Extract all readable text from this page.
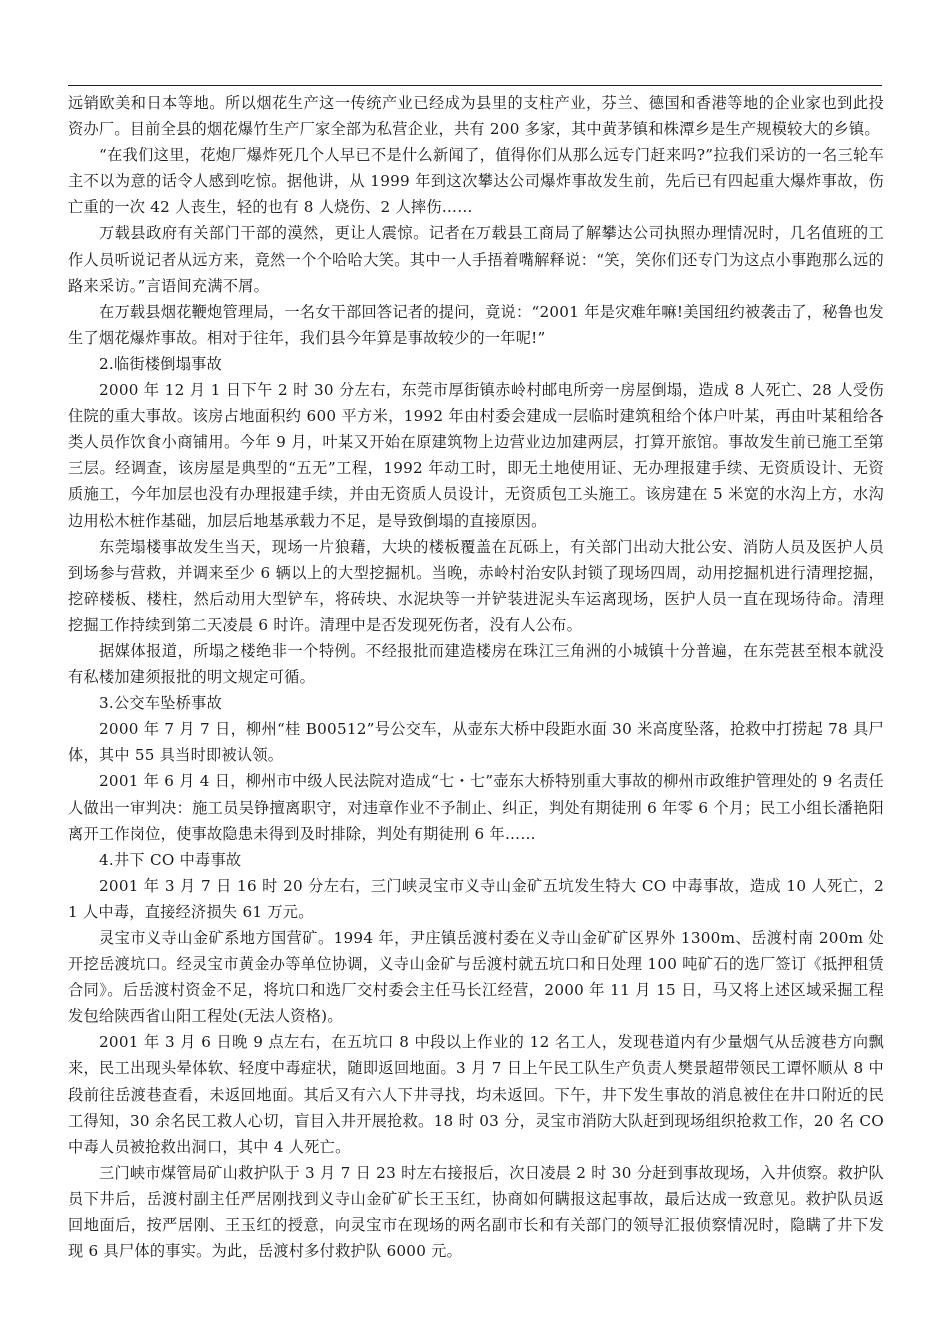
远销欧美和日本等地。所以烟花生产这一传统产业已经成为县里的支柱产业，芬兰、德国和香港等地的企业家也到此投资办厂。目前全县的烟花爆竹生产厂家全部为私营企业，共有 200 多家，其中黄茅镇和株潭乡是生产规模较大的乡镇。

“在我们这里，花炮厂爆炸死几个人早已不是什么新闻了，值得你们从那么远专门赶来吗?”拉我们采访的一名三轮车主不以为意的话令人感到吃惊。据他讲，从 1999 年到这次攀达公司爆炸事故发生前，先后已有四起重大爆炸事故，伤亡重的一次 42 人丧生，轻的也有 8 人烧伤、2 人摔伤……

万载县政府有关部门干部的漠然，更让人震惊。记者在万载县工商局了解攀达公司执照办理情况时，几名值班的工作人员听说记者从远方来，竟然一个个哈哈大笑。其中一人手捂着嘴解释说：“笑，笑你们还专门为这点小事跑那么远的路来采访。”言语间充满不屑。

在万载县烟花鞭炮管理局，一名女干部回答记者的提问，竟说：“2001 年是灾难年嘛!美国纽约被袭击了，秘鲁也发生了烟花爆炸事故。相对于往年，我们县今年算是事故较少的一年呢!”

2.临街楼倒塌事故

2000 年 12 月 1 日下午 2 时 30 分左右，东莞市厚街镇赤岭村邮电所旁一房屋倒塌，造成 8 人死亡、28 人受伤住院的重大事故。该房占地面积约 600 平方米，1992 年由村委会建成一层临时建筑租给个体户叶某，再由叶某租给各类人员作饮食小商铺用。今年 9 月，叶某又开始在原建筑物上边营业边加建两层，打算开旅馆。事故发生前已施工至第三层。经调查，该房屋是典型的“五无”工程，1992 年动工时，即无土地使用证、无办理报建手续、无资质设计、无资质施工，今年加层也没有办理报建手续，并由无资质人员设计，无资质包工头施工。该房建在 5 米宽的水沟上方，水沟边用松木桩作基础，加层后地基承载力不足，是导致倒塌的直接原因。

东莞塌楼事故发生当天，现场一片狼藉，大块的楼板覆盖在瓦砾上，有关部门出动大批公安、消防人员及医护人员到场参与营救，并调来至少 6 辆以上的大型挖掘机。当晚，赤岭村治安队封锁了现场四周，动用挖掘机进行清理挖掘，挖碎楼板、楼柱，然后动用大型铲车，将砖块、水泥块等一并铲装进泥头车运离现场，医护人员一直在现场待命。清理挖掘工作持续到第二天凌晨 6 时许。清理中是否发现死伤者，没有人公布。

据媒体报道，所塌之楼绝非一个特例。不经报批而建造楼房在珠江三角洲的小城镇十分普遍，在东莞甚至根本就没有私楼加建须报批的明文规定可循。

3.公交车坠桥事故

2000 年 7 月 7 日，柳州“桂 B00512”号公交车，从壶东大桥中段距水面 30 米高度坠落，抢救中打捞起 78 具尸体，其中 55 具当时即被认领。

2001 年 6 月 4 日，柳州市中级人民法院对造成“七・七”壶东大桥特别重大事故的柳州市政维护管理处的 9 名责任人做出一审判决：施工员吴铮擅离职守，对违章作业不予制止、纠正，判处有期徒刑 6 年零 6 个月；民工小组长潘艳阳离开工作岗位，使事故隐患未得到及时排除，判处有期徒刑 6 年……

4.井下 CO 中毒事故

2001 年 3 月 7 日 16 时 20 分左右，三门峡灵宝市义寺山金矿五坑发生特大 CO 中毒事故，造成 10 人死亡，21 人中毒，直接经济损失 61 万元。

灵宝市义寺山金矿系地方国营矿。1994 年，尹庄镇岳渡村委在义寺山金矿矿区界外 1300m、岳渡村南 200m 处开挖岳渡坑口。经灵宝市黄金办等单位协调，义寺山金矿与岳渡村就五坑口和日处理 100 吨矿石的选厂签订《抵押租赁合同》。后岳渡村资金不足，将坑口和选厂交村委会主任马长江经营，2000 年 11 月 15 日，马又将上述区域采掘工程发包给陕西省山阳工程处(无法人资格)。

2001 年 3 月 6 日晚 9 点左右，在五坑口 8 中段以上作业的 12 名工人，发现巷道内有少量烟气从岳渡巷方向飘来，民工出现头晕体软、轻度中毒症状，随即返回地面。3 月 7 日上午民工队生产负责人樊景超带领民工谭怀顺从 8 中段前往岳渡巷查看，未返回地面。其后又有六人下井寻找，均未返回。下午，井下发生事故的消息被住在井口附近的民工得知，30 余名民工救人心切，盲目入井开展抢救。18 时 03 分，灵宝市消防大队赶到现场组织抢救工作，20 名 CO 中毒人员被抢救出洞口，其中 4 人死亡。

三门峡市煤管局矿山救护队于 3 月 7 日 23 时左右接报后，次日凌晨 2 时 30 分赶到事故现场，入井侦察。救护队员下井后，岳渡村副主任严居刚找到义寺山金矿矿长王玉红，协商如何瞒报这起事故，最后达成一致意见。救护队员返回地面后，按严居刚、王玉红的授意，向灵宝市在现场的两名副市长和有关部门的领导汇报侦察情况时，隐瞒了井下发现 6 具尸体的事实。为此，岳渡村多付救护队 6000 元。
